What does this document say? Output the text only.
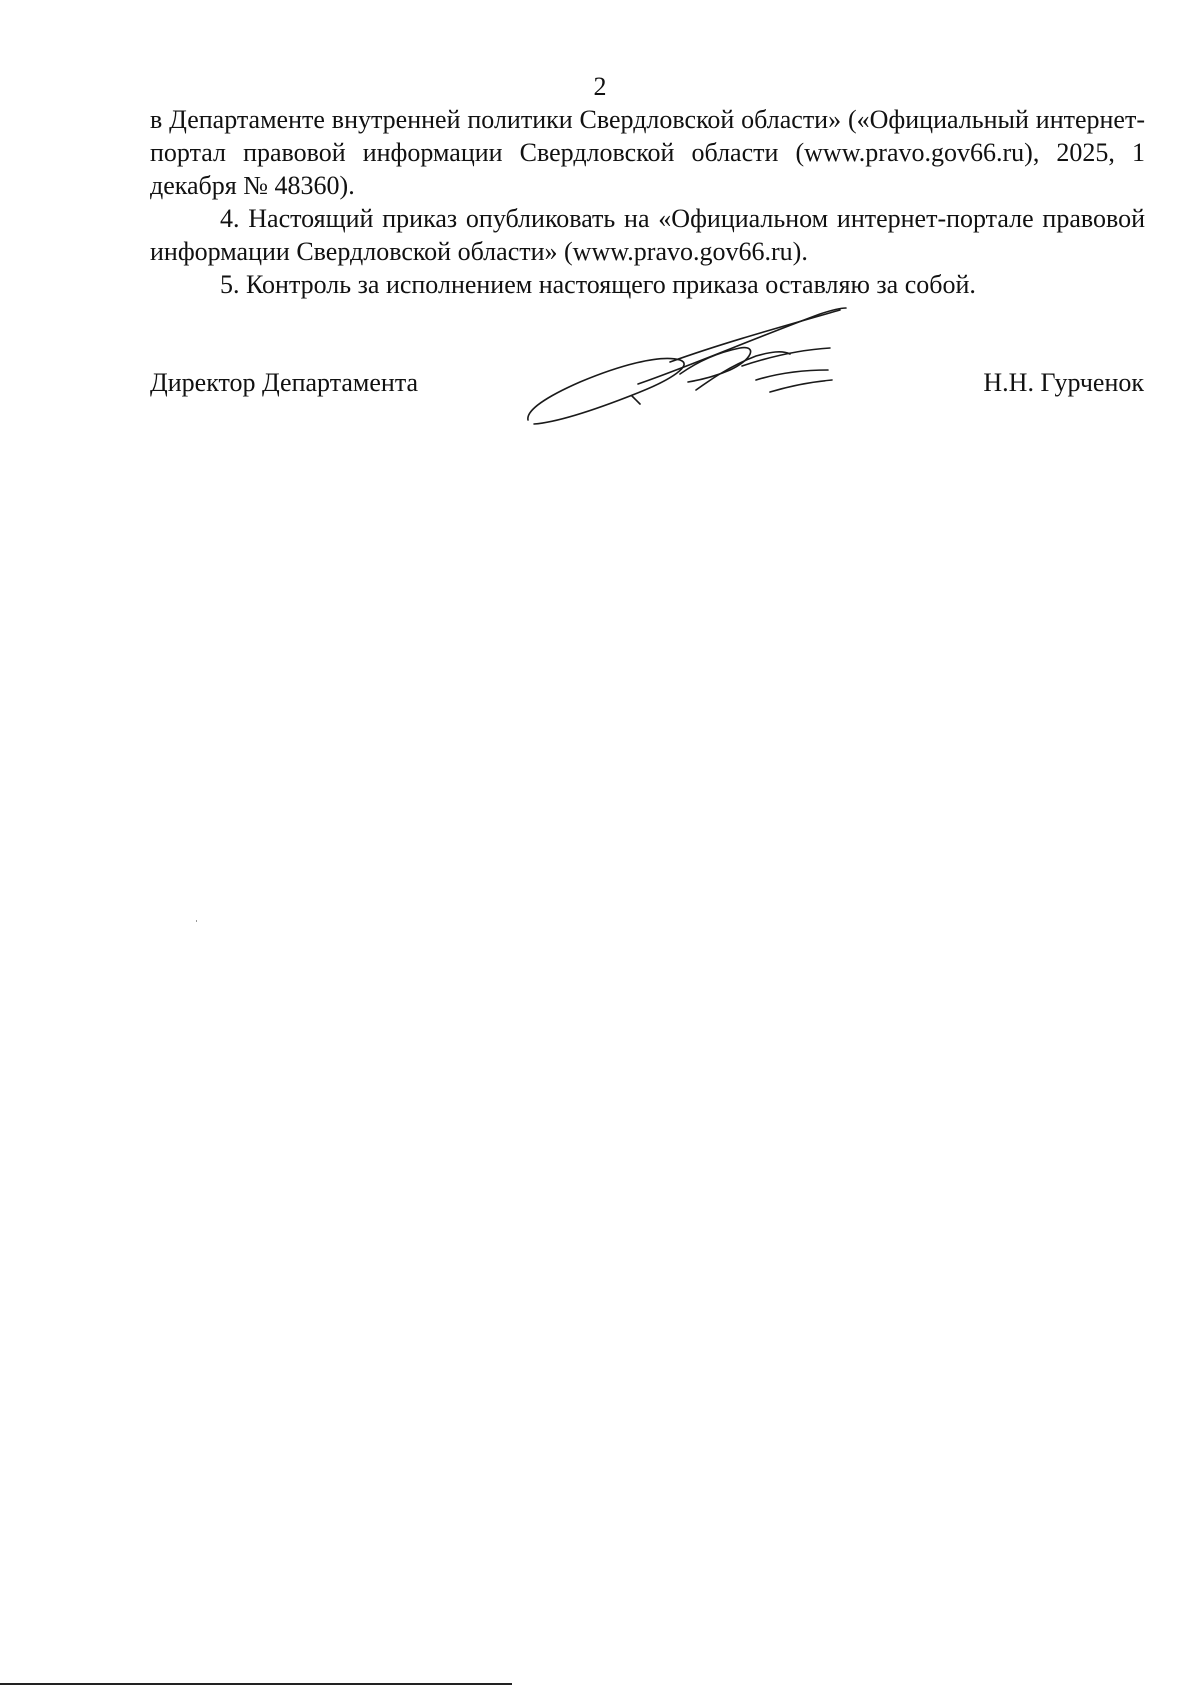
2

в Департаменте внутренней политики Свердловской области» («Официальный интернет-портал правовой информации Свердловской области (www.pravo.gov66.ru), 2025, 1 декабря № 48360).

4. Настоящий приказ опубликовать на «Официальном интернет-портале правовой информации Свердловской области» (www.pravo.gov66.ru).

5. Контроль за исполнением настоящего приказа оставляю за собой.

Директор Департамента	Н.Н. Гурченок
